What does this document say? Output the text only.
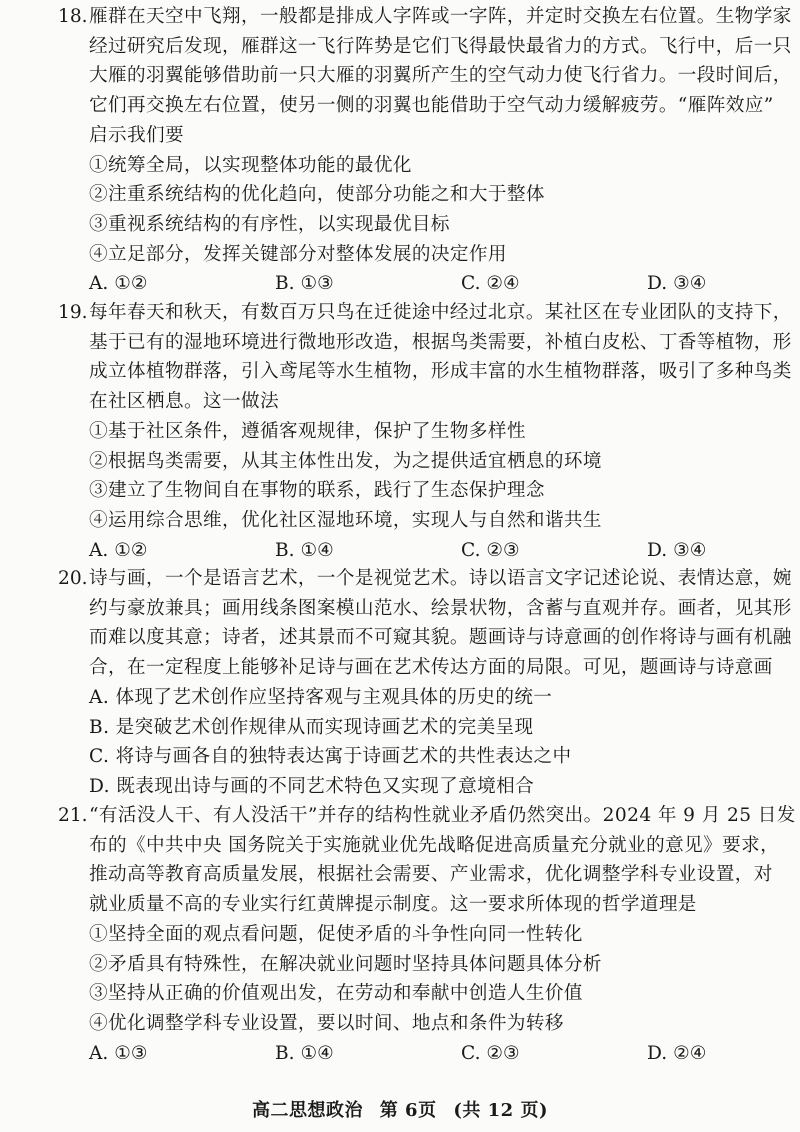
18. 雁群在天空中飞翔，一般都是排成人字阵或一字阵，并定时交换左右位置。生物学家
经过研究后发现，雁群这一飞行阵势是它们飞得最快最省力的方式。飞行中，后一只
大雁的羽翼能够借助前一只大雁的羽翼所产生的空气动力使飞行省力。一段时间后，
它们再交换左右位置，使另一侧的羽翼也能借助于空气动力缓解疲劳。“雁阵效应”
启示我们要
①统筹全局，以实现整体功能的最优化
②注重系统结构的优化趋向，使部分功能之和大于整体
③重视系统结构的有序性，以实现最优目标
④立足部分，发挥关键部分对整体发展的决定作用
A. ①②	B. ①③	C. ②④	D. ③④
19. 每年春天和秋天，有数百万只鸟在迁徙途中经过北京。某社区在专业团队的支持下，
基于已有的湿地环境进行微地形改造，根据鸟类需要，补植白皮松、丁香等植物，形
成立体植物群落，引入鸢尾等水生植物，形成丰富的水生植物群落，吸引了多种鸟类
在社区栖息。这一做法
①基于社区条件，遵循客观规律，保护了生物多样性
②根据鸟类需要，从其主体性出发，为之提供适宜栖息的环境
③建立了生物间自在事物的联系，践行了生态保护理念
④运用综合思维，优化社区湿地环境，实现人与自然和谐共生
A. ①②	B. ①④	C. ②③	D. ③④
20. 诗与画，一个是语言艺术，一个是视觉艺术。诗以语言文字记述论说、表情达意，婉
约与豪放兼具；画用线条图案模山范水、绘景状物，含蓄与直观并存。画者，见其形
而难以度其意；诗者，述其景而不可窥其貌。题画诗与诗意画的创作将诗与画有机融
合，在一定程度上能够补足诗与画在艺术传达方面的局限。可见，题画诗与诗意画
A. 体现了艺术创作应坚持客观与主观具体的历史的统一
B. 是突破艺术创作规律从而实现诗画艺术的完美呈现
C. 将诗与画各自的独特表达寓于诗画艺术的共性表达之中
D. 既表现出诗与画的不同艺术特色又实现了意境相合
21. “有活没人干、有人没活干”并存的结构性就业矛盾仍然突出。2024 年 9 月 25 日发
布的《中共中央 国务院关于实施就业优先战略促进高质量充分就业的意见》要求，
推动高等教育高质量发展，根据社会需要、产业需求，优化调整学科专业设置，对
就业质量不高的专业实行红黄牌提示制度。这一要求所体现的哲学道理是
①坚持全面的观点看问题，促使矛盾的斗争性向同一性转化
②矛盾具有特殊性，在解决就业问题时坚持具体问题具体分析
③坚持从正确的价值观出发，在劳动和奉献中创造人生价值
④优化调整学科专业设置，要以时间、地点和条件为转移
A. ①③	B. ①④	C. ②③	D. ②④
高二思想政治 第 6页 (共 12 页)
